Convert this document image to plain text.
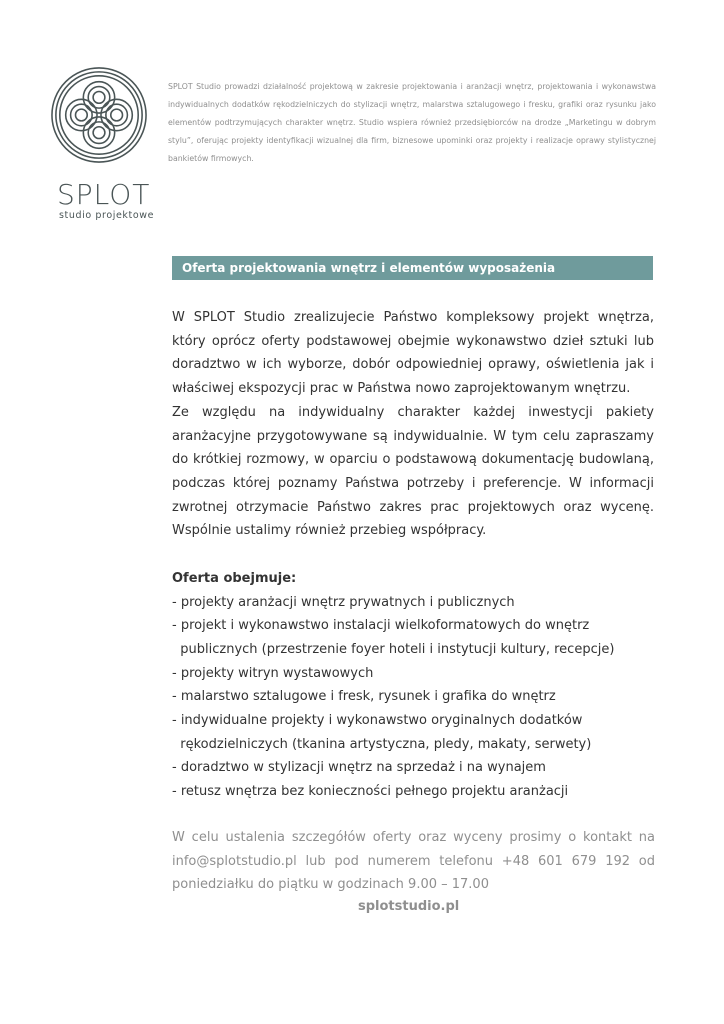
SPLOT
studio projektowe

SPLOT Studio prowadzi działalność projektową w zakresie projektowania i aranżacji wnętrz, projektowania i wykonawstwa indywidualnych dodatków rękodzielniczych do stylizacji wnętrz, malarstwa sztalugowego i fresku, grafiki oraz rysunku jako elementów podtrzymujących charakter wnętrz. Studio wspiera również przedsiębiorców na drodze „Marketingu w dobrym stylu”, oferując projekty identyfikacji wizualnej dla firm, biznesowe upominki oraz projekty i realizacje oprawy stylistycznej bankietów firmowych.

Oferta projektowania wnętrz i elementów wyposażenia

W SPLOT Studio zrealizujecie Państwo kompleksowy projekt wnętrza, który oprócz oferty podstawowej obejmie wykonawstwo dzieł sztuki lub doradztwo w ich wyborze, dobór odpowiedniej oprawy, oświetlenia jak i właściwej ekspozycji prac w Państwa nowo zaprojektowanym wnętrzu.

Ze względu na indywidualny charakter każdej inwestycji pakiety aranżacyjne przygotowywane są indywidualnie. W tym celu zapraszamy do krótkiej rozmowy, w oparciu o podstawową dokumentację budowlaną, podczas której poznamy Państwa potrzeby i preferencje. W informacji zwrotnej otrzymacie Państwo zakres prac projektowych oraz wycenę. Wspólnie ustalimy również przebieg współpracy.

Oferta obejmuje:

- projekty aranżacji wnętrz prywatnych i publicznych
- projekt i wykonawstwo instalacji wielkoformatowych do wnętrz
publicznych (przestrzenie foyer hoteli i instytucji kultury, recepcje)
- projekty witryn wystawowych
- malarstwo sztalugowe i fresk, rysunek i grafika do wnętrz
- indywidualne projekty i wykonawstwo oryginalnych dodatków
rękodzielniczych (tkanina artystyczna, pledy, makaty, serwety)
- doradztwo w stylizacji wnętrz na sprzedaż i na wynajem
- retusz wnętrza bez konieczności pełnego projektu aranżacji

W celu ustalenia szczegółów oferty oraz wyceny prosimy o kontakt na info@splotstudio.pl lub pod numerem telefonu +48 601 679 192 od poniedziałku do piątku w godzinach 9.00 – 17.00

splotstudio.pl
